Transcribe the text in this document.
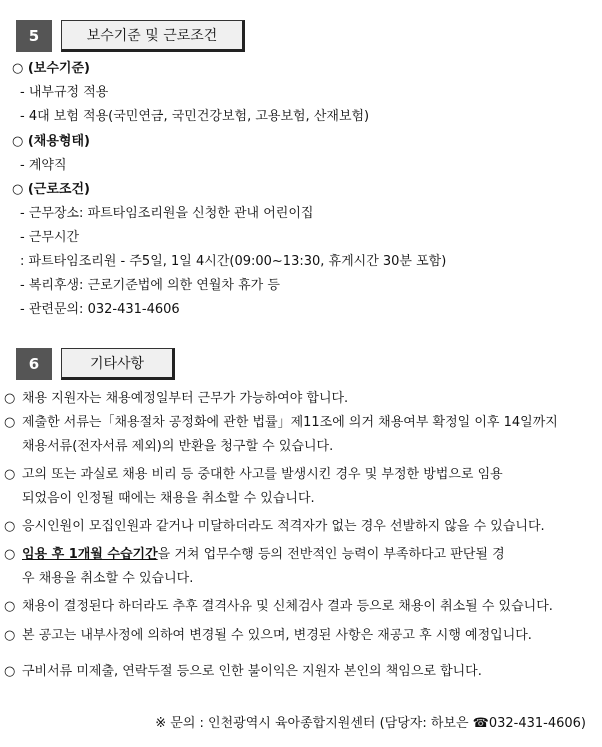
5	보수기준 및 근로조건
○ (보수기준)
- 내부규정 적용
- 4대 보험 적용(국민연금, 국민건강보험, 고용보험, 산재보험)
○ (채용형태)
- 계약직
○ (근로조건)
- 근무장소: 파트타임조리원을 신청한 관내 어린이집
- 근무시간
: 파트타임조리원 - 주5일, 1일 4시간(09:00~13:30, 휴게시간 30분 포함)
- 복리후생: 근로기준법에 의한 연월차 휴가 등
- 관련문의: 032-431-4606
6	기타사항
○ 채용 지원자는 채용예정일부터 근무가 가능하여야 합니다.
○ 제출한 서류는「채용절차 공정화에 관한 법률」제11조에 의거 채용여부 확정일 이후 14일까지
채용서류(전자서류 제외)의 반환을 청구할 수 있습니다.
○ 고의 또는 과실로 채용 비리 등 중대한 사고를 발생시킨 경우 및 부정한 방법으로 임용
되었음이 인정될 때에는 채용을 취소할 수 있습니다.
○ 응시인원이 모집인원과 같거나 미달하더라도 적격자가 없는 경우 선발하지 않을 수 있습니다.
○ 임용 후 1개월 수습기간을 거쳐 업무수행 등의 전반적인 능력이 부족하다고 판단될 경
우 채용을 취소할 수 있습니다.
○ 채용이 결정된다 하더라도 추후 결격사유 및 신체검사 결과 등으로 채용이 취소될 수 있습니다.
○ 본 공고는 내부사정에 의하여 변경될 수 있으며, 변경된 사항은 재공고 후 시행 예정입니다.
○ 구비서류 미제출, 연락두절 등으로 인한 불이익은 지원자 본인의 책임으로 합니다.
※ 문의 : 인천광역시 육아종합지원센터 (담당자: 하보은 ☎032-431-4606)
